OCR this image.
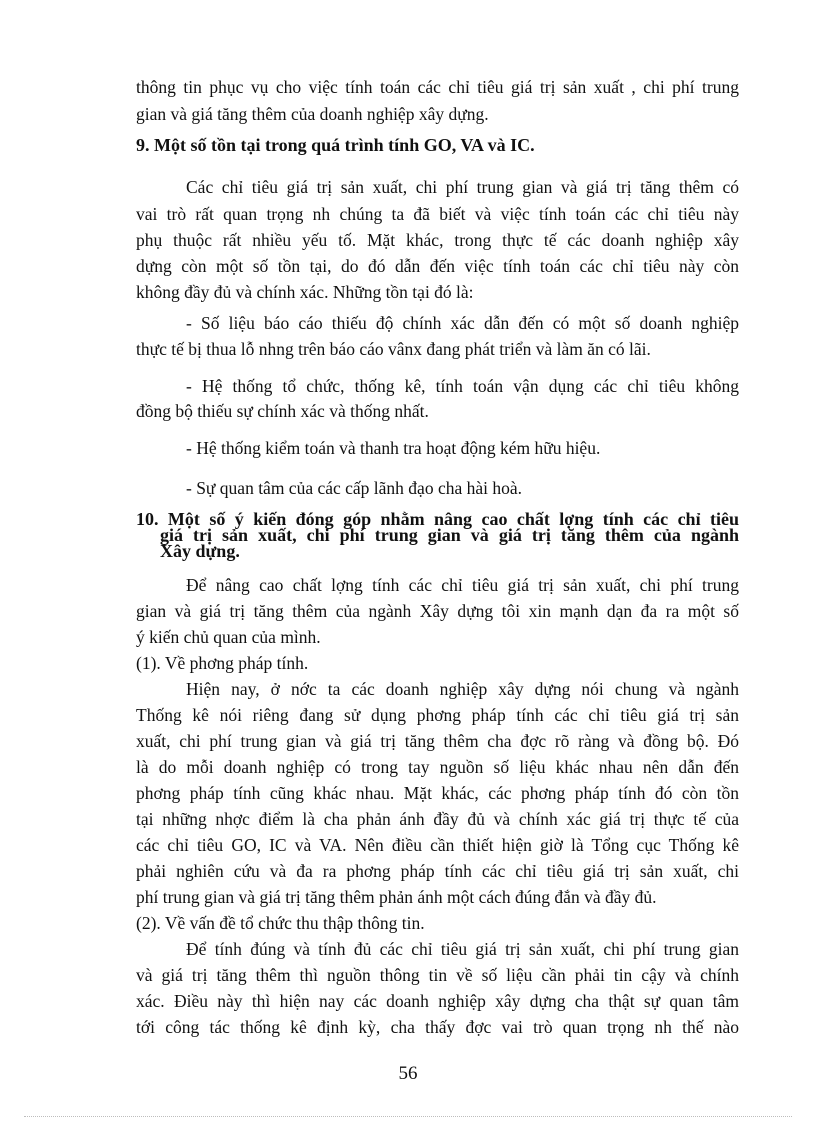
thông tin phục vụ cho việc tính toán các chỉ tiêu giá trị sản xuất , chi phí trung
gian và giá tăng thêm của doanh nghiệp xây dựng.
9. Một số tồn tại trong quá trình tính GO, VA và IC.
Các chỉ tiêu giá trị sản xuất, chi phí trung gian và giá trị tăng thêm có
vai trò rất quan trọng nh chúng ta đã biết và việc tính toán các chỉ tiêu này
phụ thuộc rất nhiều yếu tố. Mặt khác, trong thực tế các doanh nghiệp xây
dựng còn một số tồn tại, do đó dẫn đến việc tính toán các chỉ tiêu này còn
không đầy đủ và chính xác. Những tồn tại đó là:
- Số liệu báo cáo thiếu độ chính xác dẫn đến có một số doanh nghiệp
thực tế bị thua lỗ nhng trên báo cáo vânx đang phát triển và làm ăn có lãi.
- Hệ thống tổ chức, thống kê, tính toán vận dụng các chỉ tiêu không
đồng bộ thiếu sự chính xác và thống nhất.
- Hệ thống kiểm toán và thanh tra hoạt động kém hữu hiệu.
- Sự quan tâm của các cấp lãnh đạo cha hài hoà.
10. Một số ý kiến đóng góp nhằm nâng cao chất lợng tính các chỉ tiêu
giá trị sản xuất, chi phí trung gian và giá trị tăng thêm của ngành
Xây dựng.
Để nâng cao chất lợng tính các chỉ tiêu giá trị sản xuất, chi phí trung
gian và giá trị tăng thêm của ngành Xây dựng tôi xin mạnh dạn đa ra một số
ý kiến chủ quan của mình.
(1). Về phơng pháp tính.
Hiện nay, ở nớc ta các doanh nghiệp xây dựng nói chung và ngành
Thống kê nói riêng đang sử dụng phơng pháp tính các chỉ tiêu giá trị sản
xuất, chi phí trung gian và giá trị tăng thêm cha đợc rõ ràng và đồng bộ. Đó
là do mỗi doanh nghiệp có trong tay nguồn số liệu khác nhau nên dẫn đến
phơng pháp tính cũng khác nhau. Mặt khác, các phơng pháp tính đó còn tồn
tại những nhợc điểm là cha phản ánh đầy đủ và chính xác giá trị thực tế của
các chỉ tiêu GO, IC và VA. Nên điều cần thiết hiện giờ là Tổng cục Thống kê
phải nghiên cứu và đa ra phơng pháp tính các chỉ tiêu giá trị sản xuất, chi
phí trung gian và giá trị tăng thêm phản ánh một cách đúng đắn và đầy đủ.
(2). Về vấn đề tổ chức thu thập thông tin.
Để tính đúng và tính đủ các chỉ tiêu giá trị sản xuất, chi phí trung gian
và giá trị tăng thêm thì nguồn thông tin về số liệu cần phải tin cậy và chính
xác. Điều này thì hiện nay các doanh nghiệp xây dựng cha thật sự quan tâm
tới công tác thống kê định kỳ, cha thấy đợc vai trò quan trọng nh thế nào
56
